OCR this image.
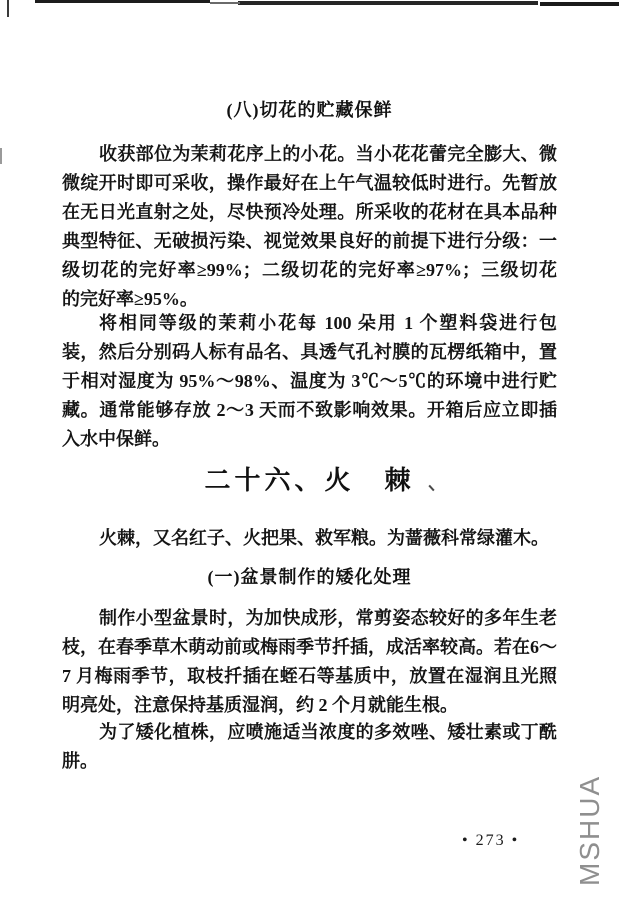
(八)切花的贮藏保鲜
收获部位为茉莉花序上的小花。当小花花蕾完全膨大、微
微绽开时即可采收，操作最好在上午气温较低时进行。先暂放
在无日光直射之处，尽快预冷处理。所采收的花材在具本品种
典型特征、无破损污染、视觉效果良好的前提下进行分级：一
级切花的完好率≥99%；二级切花的完好率≥97%；三级切花
的完好率≥95%。
将相同等级的茉莉小花每 100 朵用 1 个塑料袋进行包
装，然后分别码人标有品名、具透气孔衬膜的瓦楞纸箱中，置
于相对湿度为 95%～98%、温度为 3℃～5℃的环境中进行贮
藏。通常能够存放 2～3 天而不致影响效果。开箱后应立即插
入水中保鲜。
二十六、火　棘
火棘，又名红子、火把果、救军粮。为蔷薇科常绿灌木。
(一)盆景制作的矮化处理
制作小型盆景时，为加快成形，常剪姿态较好的多年生老
枝，在春季草木萌动前或梅雨季节扦插，成活率较高。若在6～
7 月梅雨季节，取枝扦插在蛭石等基质中，放置在湿润且光照
明亮处，注意保持基质湿润，约 2 个月就能生根。
为了矮化植株，应喷施适当浓度的多效唑、矮壮素或丁酰
肼。
• 273 • MSHUA
